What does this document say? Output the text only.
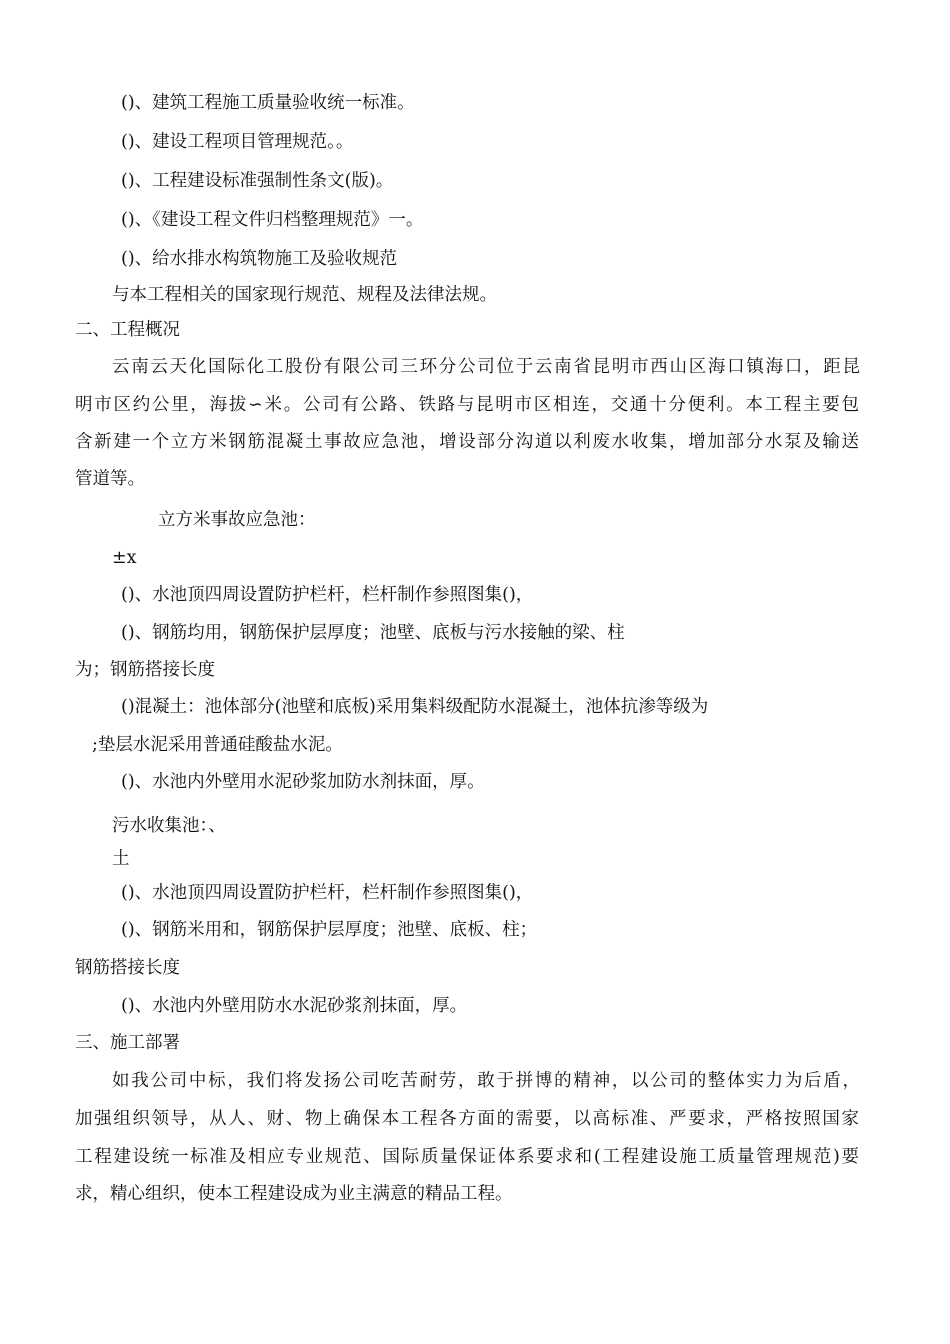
()、建筑工程施工质量验收统一标准。

()、建设工程项目管理规范。。

()、工程建设标准强制性条文(版)。

()、《建设工程文件归档整理规范》一。

()、给水排水构筑物施工及验收规范

与本工程相关的国家现行规范、规程及法律法规。

二、工程概况

云南云天化国际化工股份有限公司三环分公司位于云南省昆明市西山区海口镇海口，距昆

明市区约公里，海拔∽米。公司有公路、铁路与昆明市区相连，交通十分便利。本工程主要包

含新建一个立方米钢筋混凝土事故应急池，增设部分沟道以利废水收集，增加部分水泵及输送

管道等。

立方米事故应急池：

±x

()、水池顶四周设置防护栏杆，栏杆制作参照图集()，

()、钢筋均用，钢筋保护层厚度；池壁、底板与污水接触的梁、柱

为；钢筋搭接长度

()混凝土：池体部分(池壁和底板)采用集料级配防水混凝土，池体抗渗等级为

;垫层水泥采用普通硅酸盐水泥。

()、水池内外壁用水泥砂浆加防水剂抹面，厚。

污水收集池：、

土

()、水池顶四周设置防护栏杆，栏杆制作参照图集()，

()、钢筋米用和，钢筋保护层厚度；池壁、底板、柱；

钢筋搭接长度

()、水池内外壁用防水水泥砂浆剂抹面，厚。

三、施工部署

如我公司中标，我们将发扬公司吃苦耐劳，敢于拼博的精神，以公司的整体实力为后盾，

加强组织领导，从人、财、物上确保本工程各方面的需要，以高标准、严要求，严格按照国家

工程建设统一标准及相应专业规范、国际质量保证体系要求和(工程建设施工质量管理规范)要

求，精心组织，使本工程建设成为业主满意的精品工程。
